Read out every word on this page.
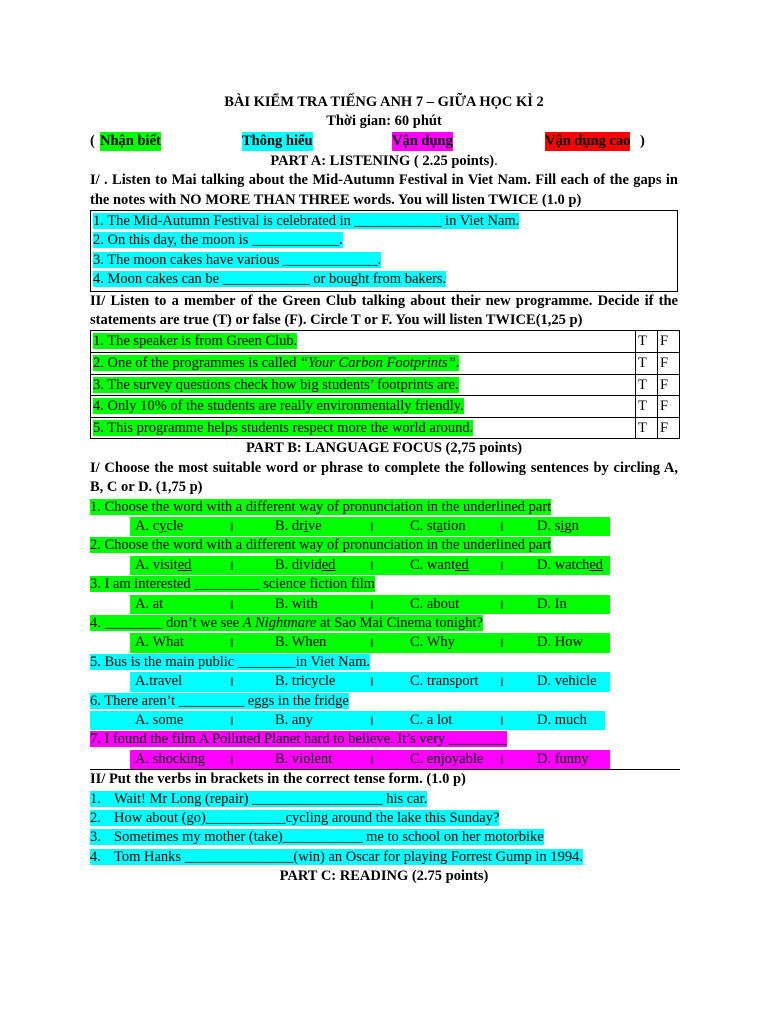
BÀI KIỂM TRA TIẾNG ANH 7 – GIỮA HỌC KÌ 2
Thời gian: 60 phút
( Nhận biết	Thông hiểu	Vận dụng	Vận dụng cao )
PART A: LISTENING ( 2.25 points).
I/ . Listen to Mai talking about the Mid-Autumn Festival in Viet Nam. Fill each of the gaps in the notes with NO MORE THAN THREE words. You will listen TWICE (1.0 p)
1. The Mid-Autumn Festival is celebrated in ____________ in Viet Nam.
2. On this day, the moon is ____________.
3. The moon cakes have various _____________.
4. Moon cakes can be ____________ or bought from bakers.
II/ Listen to a member of the Green Club talking about their new programme. Decide if the statements are true (T) or false (F). Circle T or F. You will listen TWICE(1,25 p)
1. The speaker is from Green Club.	T	F
2. One of the programmes is called “Your Carbon Footprints”.	T	F
3. The survey questions check how big students’ footprints are.	T	F
4. Only 10% of the students are really environmentally friendly.	T	F
5. This programme helps students respect more the world around.	T	F
PART B: LANGUAGE FOCUS (2,75 points)
I/ Choose the most suitable word or phrase to complete the following sentences by circling A, B, C or D. (1,75 p)
1. Choose the word with a different way of pronunciation in the underlined part
A. cycle	‖	B. drive	‖	C. station	‖ D. sign
2. Choose the word with a different way of pronunciation in the underlined part
A. visited	‖	B. divided	‖	C. wanted ‖ D. watched
3. I am interested _________ science fiction film
A. at	‖	B. with	‖	C. about	‖ D. In
4. ________ don’t we see A Nightmare at Sao Mai Cinema tonight?
A. What	‖	B. When	‖	C. Why	‖ D. How
5. Bus is the main public ________in Viet Nam.
A.travel	‖	B. tricycle	‖	C. transport ‖ D. vehicle
6. There aren’t _________ eggs in the fridge
A. some	‖	B. any	‖	C. a lot	‖ D. much
7. I found the film A Polluted Planet hard to believe. It’s very ________
A. shocking ‖	B. violent	‖	C. enjoyable ‖ D. funny
II/ Put the verbs in brackets in the correct tense form. (1.0 p)
1. Wait! Mr Long (repair) __________________ his car.
2. How about (go)___________cycling around the lake this Sunday?
3. Sometimes my mother (take)___________ me to school on her motorbike
4. Tom Hanks _______________(win) an Oscar for playing Forrest Gump in 1994.
PART C: READING (2.75 points)
